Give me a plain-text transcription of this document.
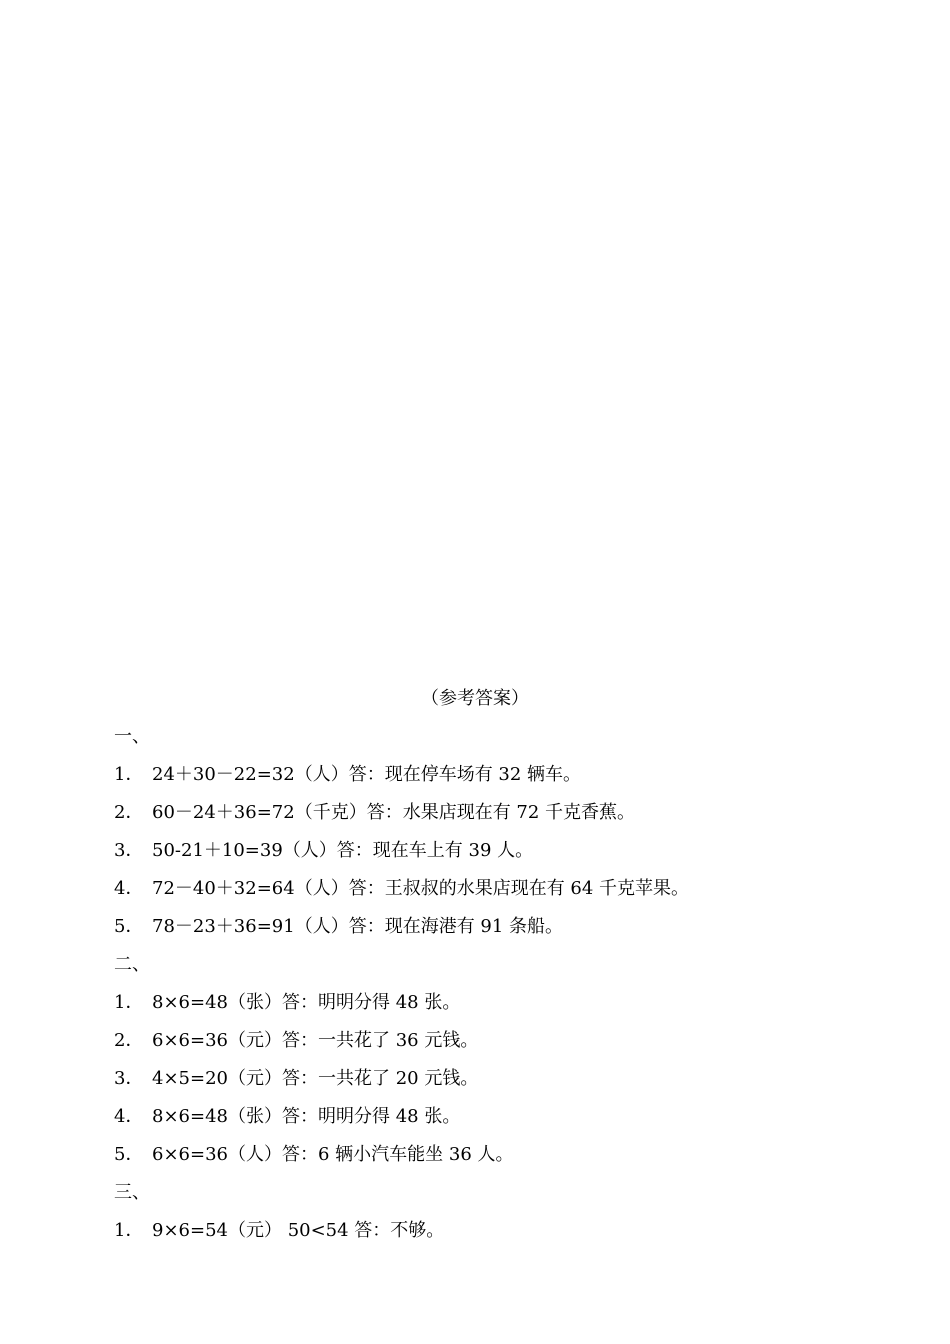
（参考答案）
一、
1． 24＋30－22=32（人）答：现在停车场有 32 辆车。
2． 60－24＋36=72（千克）答：水果店现在有 72 千克香蕉。
3． 50-21＋10=39（人）答：现在车上有 39 人。
4． 72－40＋32=64（人）答：王叔叔的水果店现在有 64 千克苹果。
5． 78－23＋36=91（人）答：现在海港有 91 条船。
二、
1． 8×6=48（张）答：明明分得 48 张。
2． 6×6=36（元）答：一共花了 36 元钱。
3． 4×5=20（元）答：一共花了 20 元钱。
4． 8×6=48（张）答：明明分得 48 张。
5． 6×6=36（人）答：6 辆小汽车能坐 36 人。
三、
1． 9×6=54（元） 50<54 答：不够。
